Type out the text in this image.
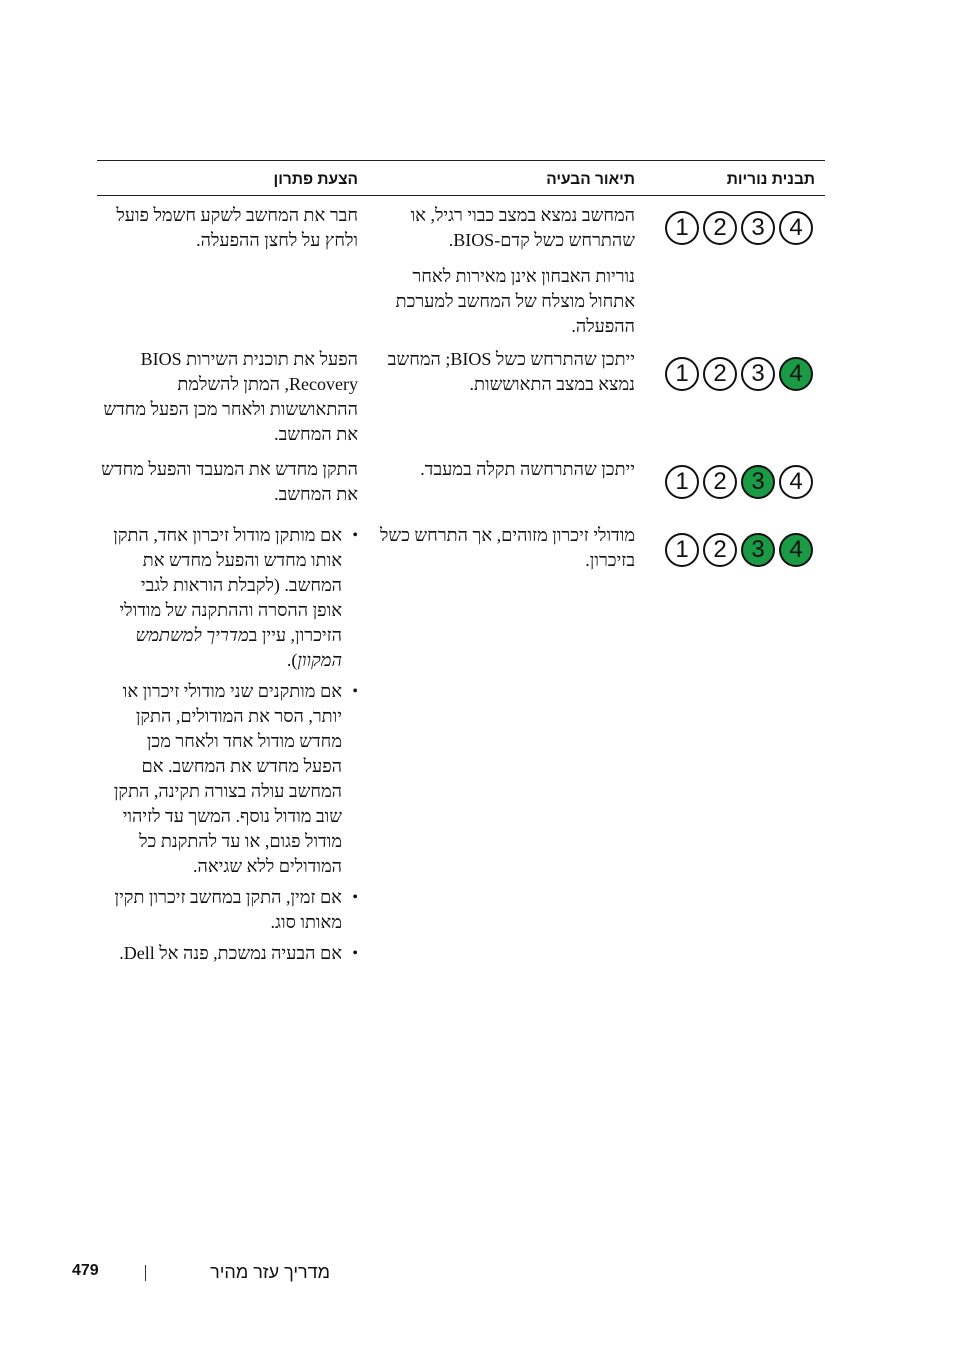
תבנית נוריות
תיאור הבעיה
הצעת פתרון
4
3
2
1
המחשב נמצא במצב כבוי רגיל, או שהתרחש כשל קדם-BIOS.
חבר את המחשב לשקע חשמל פועל ולחץ על לחצן ההפעלה.
נוריות האבחון אינן מאירות לאחר אתחול מוצלח של המחשב למערכת ההפעלה.
4
3
2
1
ייתכן שהתרחש כשל BIOS; המחשב נמצא במצב התאוששות.
הפעל את תוכנית השירות BIOS Recovery, המתן להשלמת ההתאוששות ולאחר מכן הפעל מחדש את המחשב.
4
3
2
1
ייתכן שהתרחשה תקלה במעבד.
התקן מחדש את המעבד והפעל מחדש את המחשב.
4
3
2
1
מודולי זיכרון מזוהים, אך התרחש כשל בזיכרון.
• אם מותקן מודול זיכרון אחד, התקן אותו מחדש והפעל מחדש את המחשב. (לקבלת הוראות לגבי אופן ההסרה וההתקנה של מודולי הזיכרון, עיין במדריך למשתמש המקוון).
• אם מותקנים שני מודולי זיכרון או יותר, הסר את המודולים, התקן מחדש מודול אחד ולאחר מכן הפעל מחדש את המחשב. אם המחשב עולה בצורה תקינה, התקן שוב מודול נוסף. המשך עד לזיהוי מודול פגום, או עד להתקנת כל המודולים ללא שגיאה.
• אם זמין, התקן במחשב זיכרון תקין מאותו סוג.
• אם הבעיה נמשכת, פנה אל Dell.
מדריך עזר מהיר
479
